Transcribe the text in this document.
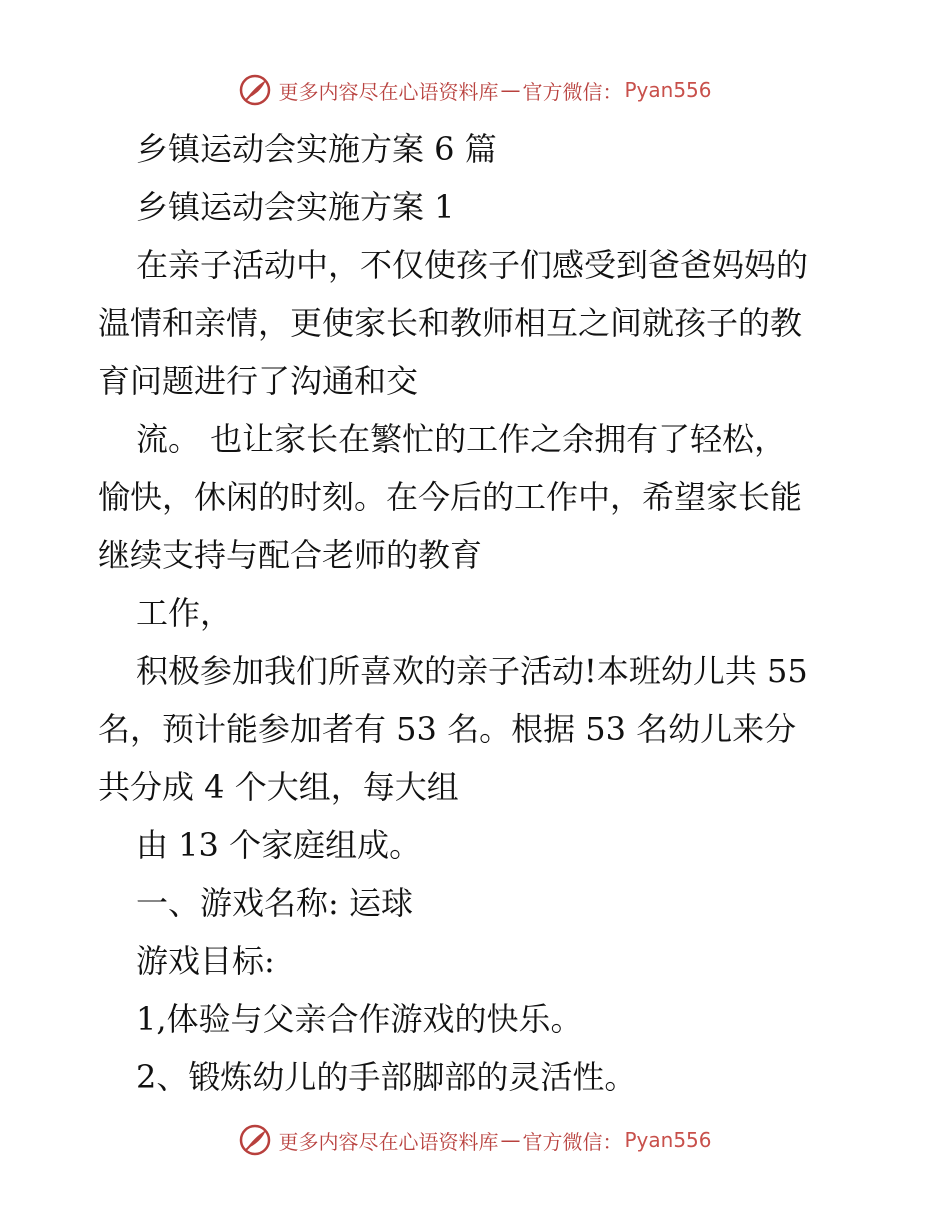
更多内容尽在心语资料库 — 官方微信： Pyan556
乡镇运动会实施方案 6 篇
乡镇运动会实施方案 1
在亲子活动中，不仅使孩子们感受到爸爸妈妈的
温情和亲情，更使家长和教师相互之间就孩子的教
育问题进行了沟通和交
流。 也让家长在繁忙的工作之余拥有了轻松，
愉快，休闲的时刻。在今后的工作中，希望家长能
继续支持与配合老师的教育
工作，
积极参加我们所喜欢的亲子活动!本班幼儿共 55
名，预计能参加者有 53 名。根据 53 名幼儿来分
共分成 4 个大组，每大组
由 13 个家庭组成。
一、游戏名称: 运球
游戏目标:
1,体验与父亲合作游戏的快乐。
2、锻炼幼儿的手部脚部的灵活性。
更多内容尽在心语资料库 — 官方微信： Pyan556
